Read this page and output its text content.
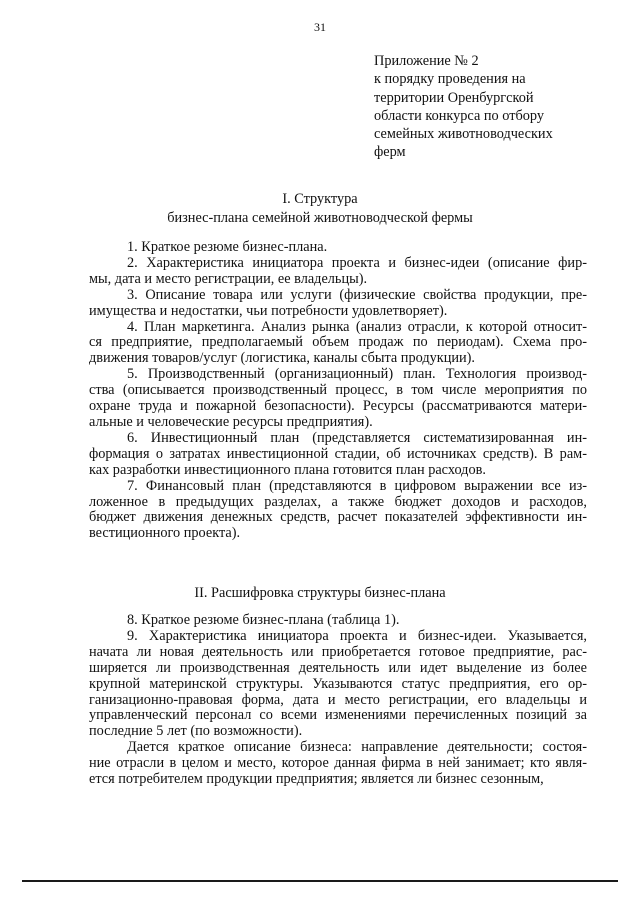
31
Приложение № 2
к порядку проведения на
территории Оренбургской
области конкурса по отбору
семейных животноводческих
ферм
I. Структура
бизнес-плана семейной животноводческой фермы

1. Краткое резюме бизнес-плана.

2. Характеристика инициатора проекта и бизнес-идеи (описание фир-
мы, дата и место регистрации, ее владельцы).

3. Описание товара или услуги (физические свойства продукции, пре-
имущества и недостатки, чьи потребности удовлетворяет).

4. План маркетинга. Анализ рынка (анализ отрасли, к которой относит-
ся предприятие, предполагаемый объем продаж по периодам). Схема про-
движения товаров/услуг (логистика, каналы сбыта продукции).

5. Производственный (организационный) план. Технология производ-
ства (описывается производственный процесс, в том числе мероприятия по
охране труда и пожарной безопасности). Ресурсы (рассматриваются матери-
альные и человеческие ресурсы предприятия).

6. Инвестиционный план (представляется систематизированная ин-
формация о затратах инвестиционной стадии, об источниках средств). В рам-
ках разработки инвестиционного плана готовится план расходов.

7. Финансовый план (представляются в цифровом выражении все из-
ложенное в предыдущих разделах, а также бюджет доходов и расходов,
бюджет движения денежных средств, расчет показателей эффективности ин-
вестиционного проекта).

II. Расшифровка структуры бизнес-плана

8. Краткое резюме бизнес-плана (таблица 1).

9. Характеристика инициатора проекта и бизнес-идеи. Указывается,
начата ли новая деятельность или приобретается готовое предприятие, рас-
ширяется ли производственная деятельность или идет выделение из более
крупной материнской структуры. Указываются статус предприятия, его ор-
ганизационно-правовая форма, дата и место регистрации, его владельцы и
управленческий персонал со всеми изменениями перечисленных позиций за
последние 5 лет (по возможности).

Дается краткое описание бизнеса: направление деятельности; состоя-
ние отрасли в целом и место, которое данная фирма в ней занимает; кто явля-
ется потребителем продукции предприятия; является ли бизнес сезонным,
